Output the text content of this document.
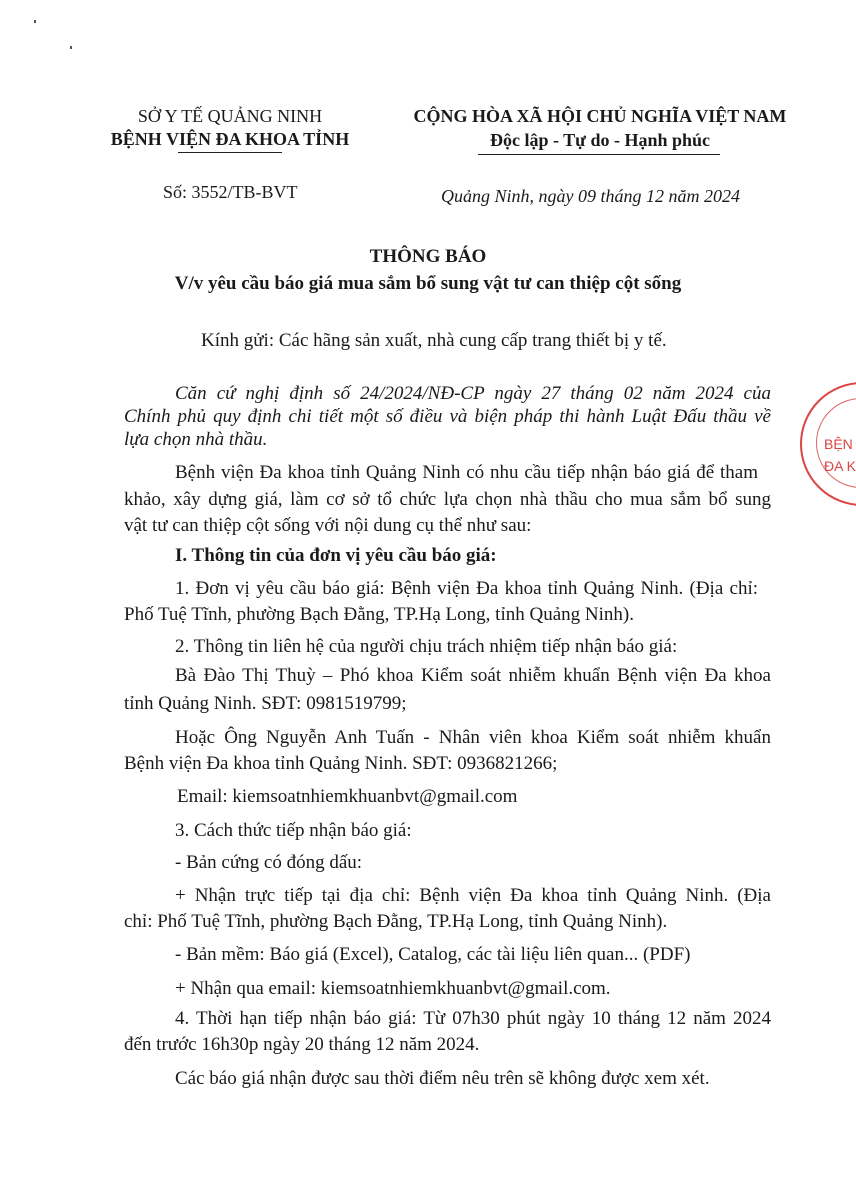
SỞ Y TẾ QUẢNG NINH
BỆNH VIỆN ĐA KHOA TỈNH
CỘNG HÒA XÃ HỘI CHỦ NGHĨA VIỆT NAM
Độc lập - Tự do - Hạnh phúc
Số: 3552/TB-BVT	Quảng Ninh, ngày 09 tháng 12 năm 2024
THÔNG BÁO
V/v yêu cầu báo giá mua sắm bổ sung vật tư can thiệp cột sống
Kính gửi: Các hãng sản xuất, nhà cung cấp trang thiết bị y tế.
Căn cứ nghị định số 24/2024/NĐ-CP ngày 27 tháng 02 năm 2024 của
Chính phủ quy định chi tiết một số điều và biện pháp thi hành Luật Đấu thầu về
lựa chọn nhà thầu.
Bệnh viện Đa khoa tỉnh Quảng Ninh có nhu cầu tiếp nhận báo giá để tham
khảo, xây dựng giá, làm cơ sở tổ chức lựa chọn nhà thầu cho mua sắm bổ sung
vật tư can thiệp cột sống với nội dung cụ thể như sau:
I. Thông tin của đơn vị yêu cầu báo giá:
1. Đơn vị yêu cầu báo giá: Bệnh viện Đa khoa tỉnh Quảng Ninh. (Địa chỉ:
Phố Tuệ Tĩnh, phường Bạch Đằng, TP.Hạ Long, tỉnh Quảng Ninh).
2. Thông tin liên hệ của người chịu trách nhiệm tiếp nhận báo giá:
Bà Đào Thị Thuỳ – Phó khoa Kiểm soát nhiễm khuẩn Bệnh viện Đa khoa
tỉnh Quảng Ninh. SĐT: 0981519799;
Hoặc Ông Nguyễn Anh Tuấn - Nhân viên khoa Kiểm soát nhiễm khuẩn
Bệnh viện Đa khoa tỉnh Quảng Ninh. SĐT: 0936821266;
Email: kiemsoatnhiemkhuanbvt@gmail.com
3. Cách thức tiếp nhận báo giá:
- Bản cứng có đóng dấu:
+ Nhận trực tiếp tại địa chỉ: Bệnh viện Đa khoa tỉnh Quảng Ninh. (Địa
chỉ: Phố Tuệ Tĩnh, phường Bạch Đằng, TP.Hạ Long, tỉnh Quảng Ninh).
- Bản mềm: Báo giá (Excel), Catalog, các tài liệu liên quan... (PDF)
+ Nhận qua email: kiemsoatnhiemkhuanbvt@gmail.com.
4. Thời hạn tiếp nhận báo giá: Từ 07h30 phút ngày 10 tháng 12 năm 2024
đến trước 16h30p ngày 20 tháng 12 năm 2024.
Các báo giá nhận được sau thời điểm nêu trên sẽ không được xem xét.
BỆN
ĐA K
